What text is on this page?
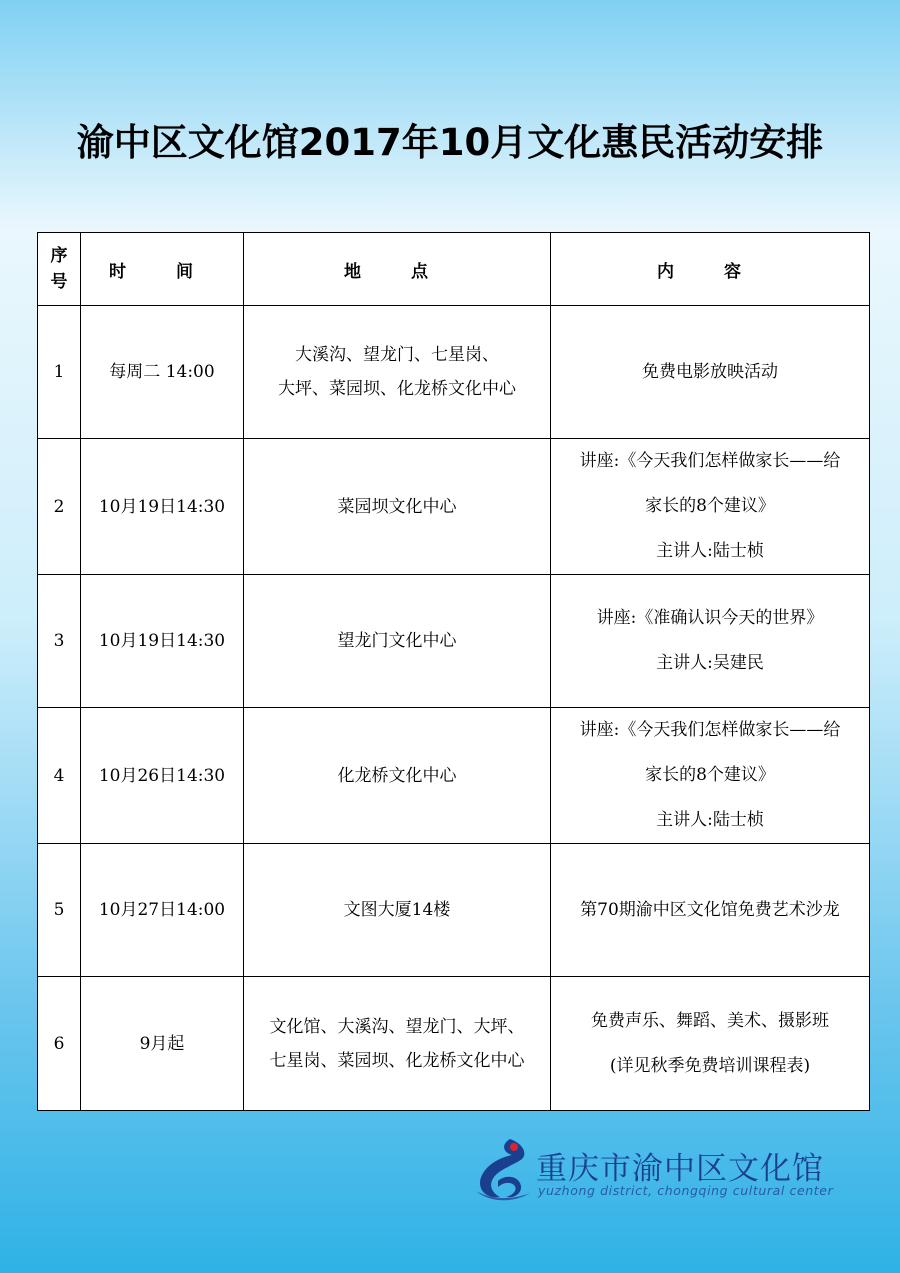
渝中区文化馆2017年10月文化惠民活动安排
序
号	时 间	地 点	内 容
1	每周二 14:00	大溪沟、望龙门、七星岗、
大坪、菜园坝、化龙桥文化中心	免费电影放映活动

2	10月19日14:30	菜园坝文化中心	讲座:《今天我们怎样做家长——给
家长的8个建议》
主讲人:陆士桢

3	10月19日14:30	望龙门文化中心	讲座:《准确认识今天的世界》
主讲人:吴建民

4	10月26日14:30	化龙桥文化中心	讲座:《今天我们怎样做家长——给
家长的8个建议》
主讲人:陆士桢

5	10月27日14:00	文图大厦14楼	第70期渝中区文化馆免费艺术沙龙

6	9月起	文化馆、大溪沟、望龙门、大坪、
七星岗、菜园坝、化龙桥文化中心	免费声乐、舞蹈、美术、摄影班
(详见秋季免费培训课程表)
重庆市渝中区文化馆
yuzhong district, chongqing cultural center
